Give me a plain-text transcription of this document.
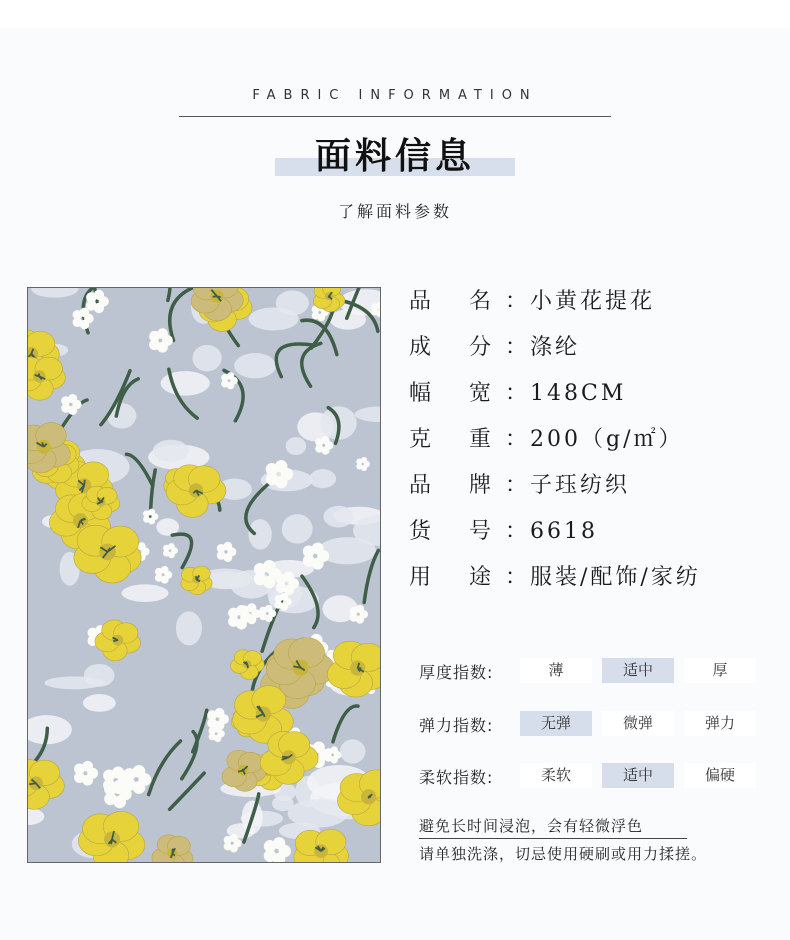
FABRIC INFORMATION
面料信息
了解面料参数
品 名 ：小黄花提花
成 分 ：涤纶
幅 宽 ：148CM
克 重 ：200（g/㎡）
品 牌 ：子珏纺织
货 号 ：6618
用 途 ：服装/配饰/家纺
厚度指数:	薄	适中	厚
弹力指数:	无弹	微弹	弹力
柔软指数:	柔软	适中	偏硬
避免长时间浸泡，会有轻微浮色
请单独洗涤，切忌使用硬刷或用力揉搓。
